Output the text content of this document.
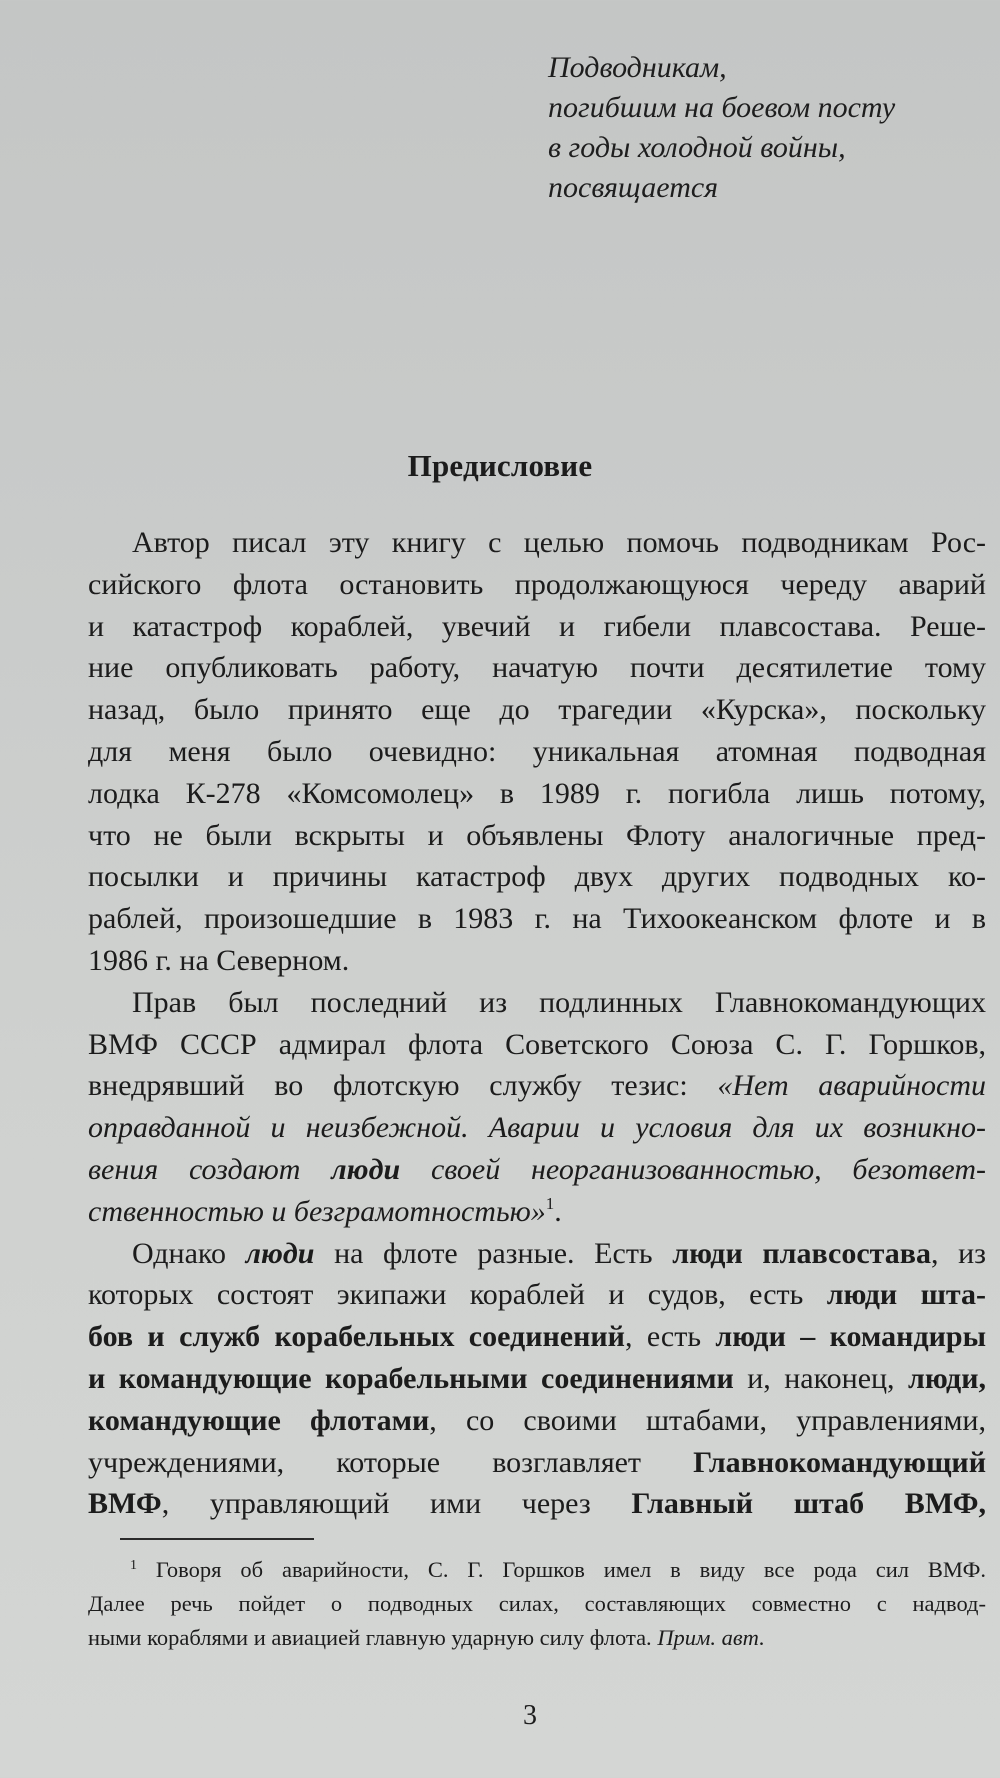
Подводникам,
погибшим на боевом посту
в годы холодной войны,
посвящается
Предисловие
Автор писал эту книгу с целью помочь подводникам Рос-
сийского флота остановить продолжающуюся череду аварий
и катастроф кораблей, увечий и гибели плавсостава. Реше-
ние опубликовать работу, начатую почти десятилетие тому
назад, было принято еще до трагедии «Курска», поскольку
для меня было очевидно: уникальная атомная подводная
лодка К-278 «Комсомолец» в 1989 г. погибла лишь потому,
что не были вскрыты и объявлены Флоту аналогичные пред-
посылки и причины катастроф двух других подводных ко-
раблей, произошедшие в 1983 г. на Тихоокеанском флоте и в
1986 г. на Северном.
Прав был последний из подлинных Главнокомандующих
ВМФ СССР адмирал флота Советского Союза С. Г. Горшков,
внедрявший во флотскую службу тезис: «Нет аварийности
оправданной и неизбежной. Аварии и условия для их возникно-
вения создают люди своей неорганизованностью, безответ-
ственностью и безграмотностью»$^1$.
Однако люди на флоте разные. Есть люди плавсостава, из
которых состоят экипажи кораблей и судов, есть люди шта-
бов и служб корабельных соединений, есть люди – командиры
и командующие корабельными соединениями и, наконец, люди,
командующие флотами, со своими штабами, управлениями,
учреждениями, которые возглавляет Главнокомандующий
ВМФ, управляющий ими через Главный штаб ВМФ,
$^1$ Говоря об аварийности, С. Г. Горшков имел в виду все рода сил ВМФ.
Далее речь пойдет о подводных силах, составляющих совместно с надвод-
ными кораблями и авиацией главную ударную силу флота. Прим. авт.
3
